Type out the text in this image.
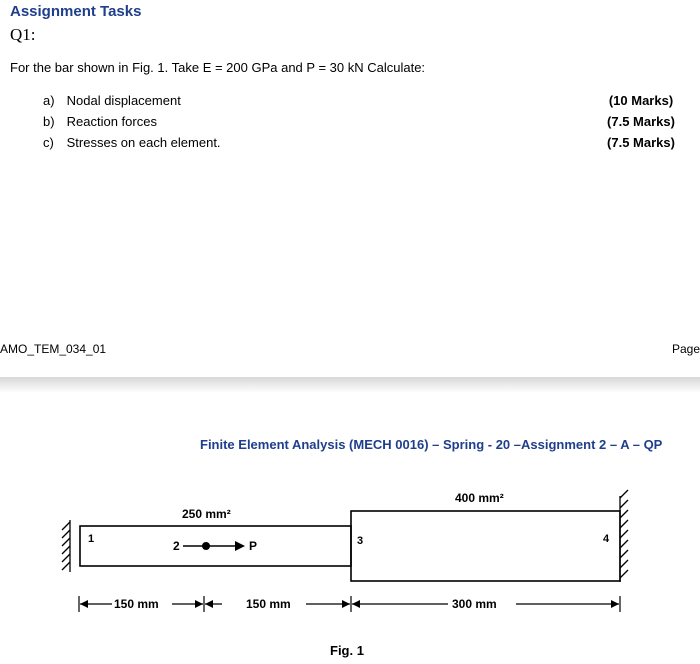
Assignment Tasks
Q1:
For the bar shown in Fig. 1. Take E = 200 GPa and P = 30 kN Calculate:
a) Nodal displacement	(10 Marks)
b) Reaction forces	(7.5 Marks)
c) Stresses on each element.	(7.5 Marks)
AMO_TEM_034_01	Page
Finite Element Analysis (MECH 0016) – Spring - 20 –Assignment 2 – A – QP
1	3	4
250 mm²
400 mm²
2	P
150 mm	150 mm	300 mm
Fig. 1
